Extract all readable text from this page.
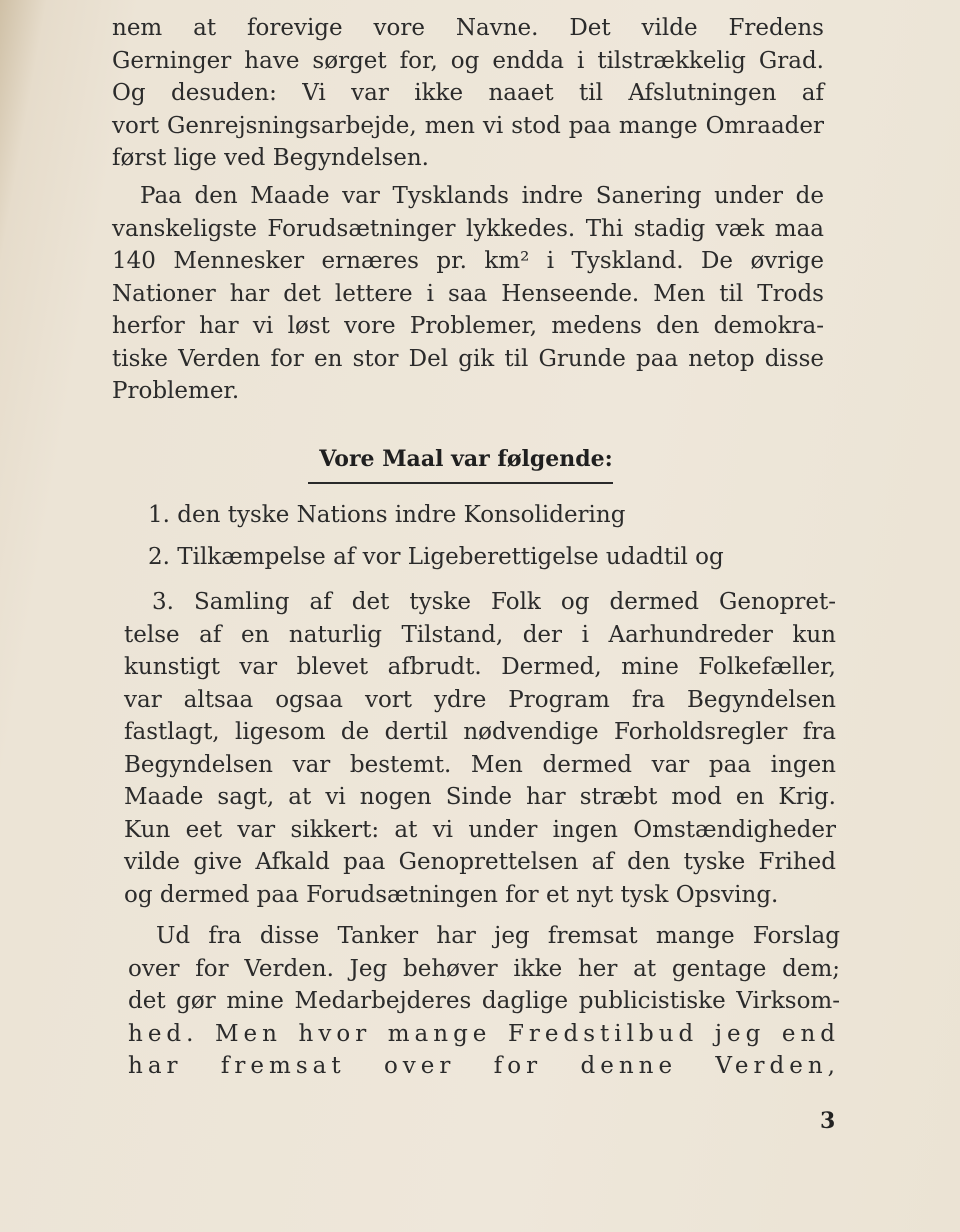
nem at forevige vore Navne. Det vilde Fredens
Gerninger have sørget for, og endda i tilstrækkelig Grad.
Og desuden: Vi var ikke naaet til Afslutningen af
vort Genrejsningsarbejde, men vi stod paa mange Omraader
først lige ved Begyndelsen.
Paa den Maade var Tysklands indre Sanering under de
vanskeligste Forudsætninger lykkedes. Thi stadig væk maa
140 Mennesker ernæres pr. km² i Tyskland. De øvrige
Nationer har det lettere i saa Henseende. Men til Trods
herfor har vi løst vore Problemer, medens den demokra-
tiske Verden for en stor Del gik til Grunde paa netop disse
Problemer.
Vore Maal var følgende:
1. den tyske Nations indre Konsolidering
2. Tilkæmpelse af vor Ligeberettigelse udadtil og
3. Samling af det tyske Folk og dermed Genopret-
telse af en naturlig Tilstand, der i Aarhundreder kun
kunstigt var blevet afbrudt. Dermed, mine Folkefæller,
var altsaa ogsaa vort ydre Program fra Begyndelsen
fastlagt, ligesom de dertil nødvendige Forholdsregler fra
Begyndelsen var bestemt. Men dermed var paa ingen
Maade sagt, at vi nogen Sinde har stræbt mod en Krig.
Kun eet var sikkert: at vi under ingen Omstændigheder
vilde give Afkald paa Genoprettelsen af den tyske Frihed
og dermed paa Forudsætningen for et nyt tysk Opsving.
Ud fra disse Tanker har jeg fremsat mange Forslag
over for Verden. Jeg behøver ikke her at gentage dem;
det gør mine Medarbejderes daglige publicistiske Virksom-
hed. Men hvor mange Fredstilbud jeg end
har fremsat over for denne Verden,
3
